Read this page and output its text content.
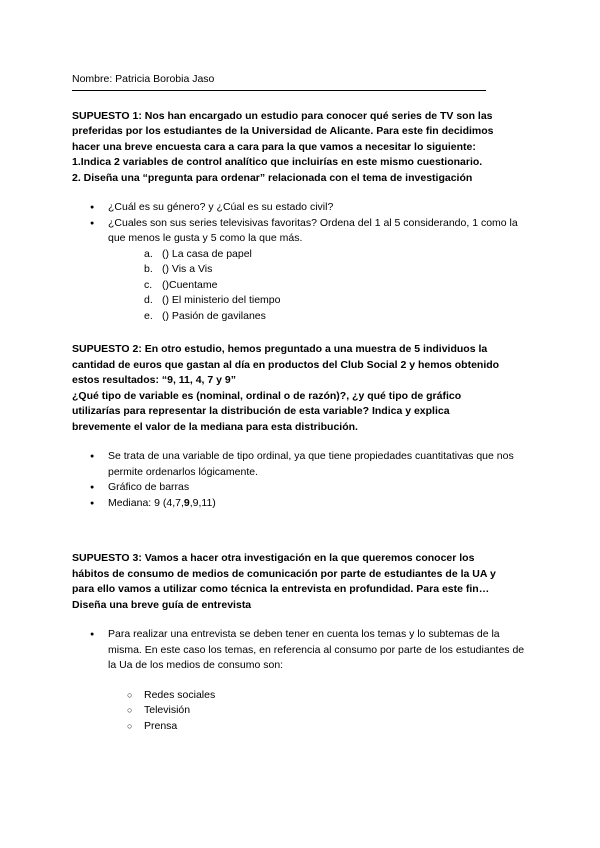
Nombre: Patricia Borobia Jaso

SUPUESTO 1: Nos han encargado un estudio para conocer qué series de TV son las

preferidas por los estudiantes de la Universidad de Alicante. Para este fin decidimos

hacer una breve encuesta cara a cara para la que vamos a necesitar lo siguiente:

1.Indica 2 variables de control analítico que incluirías en este mismo cuestionario.

2. Diseña una “pregunta para ordenar” relacionada con el tema de investigación

● ¿Cuál es su género? y ¿Cúal es su estado civil?
● ¿Cuales son sus series televisivas favoritas? Ordena del 1 al 5 considerando, 1 como la que menos le gusta y 5 como la que más.
a. () La casa de papel
b. () Vis a Vis
c. ()Cuentame
d. () El ministerio del tiempo
e. () Pasión de gavilanes

SUPUESTO 2: En otro estudio, hemos preguntado a una muestra de 5 individuos la

cantidad de euros que gastan al día en productos del Club Social 2 y hemos obtenido

estos resultados: “9, 11, 4, 7 y 9”

¿Qué tipo de variable es (nominal, ordinal o de razón)?, ¿y qué tipo de gráfico

utilizarías para representar la distribución de esta variable? Indica y explica

brevemente el valor de la mediana para esta distribución.

● Se trata de una variable de tipo ordinal, ya que tiene propiedades cuantitativas que nos permite ordenarlos lógicamente.
● Gráfico de barras
● Mediana: 9 (4,7,9,9,11)

SUPUESTO 3: Vamos a hacer otra investigación en la que queremos conocer los

hábitos de consumo de medios de comunicación por parte de estudiantes de la UA y

para ello vamos a utilizar como técnica la entrevista en profundidad. Para este fin…

Diseña una breve guía de entrevista

● Para realizar una entrevista se deben tener en cuenta los temas y lo subtemas de la misma. En este caso los temas, en referencia al consumo por parte de los estudiantes de la Ua de los medios de consumo son:
○ Redes sociales
○ Televisión
○ Prensa
